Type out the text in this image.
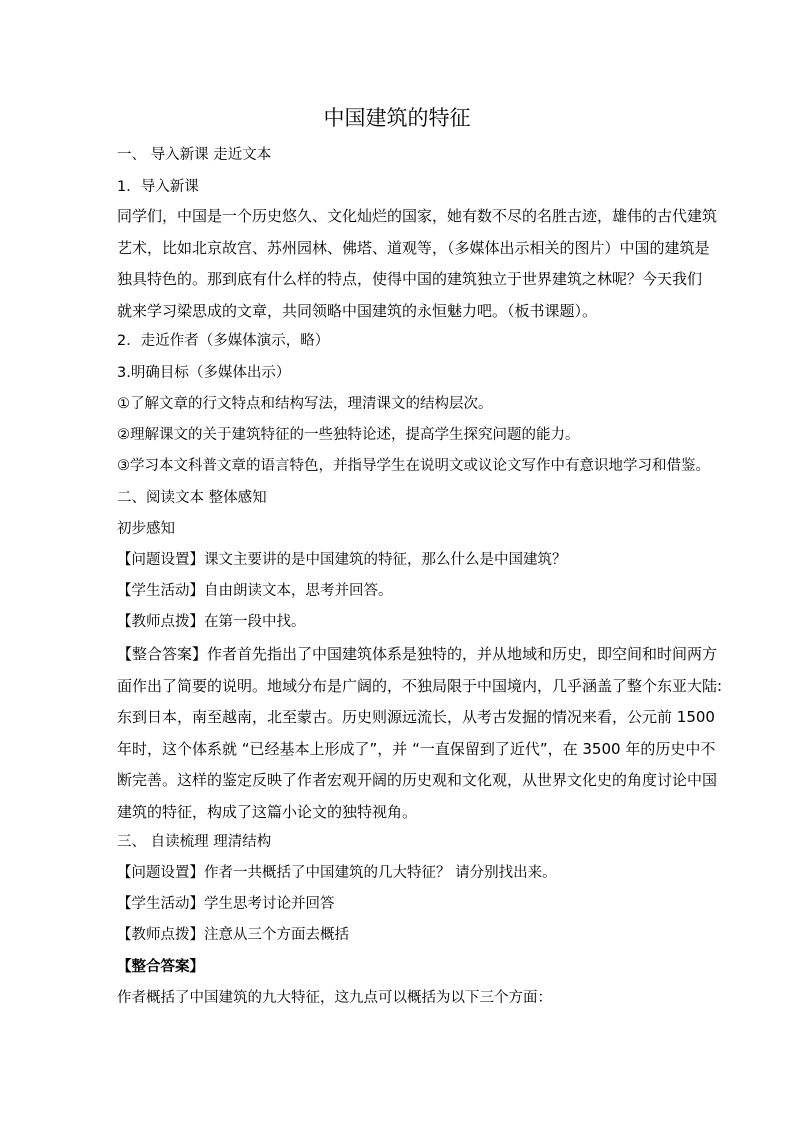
中国建筑的特征

一、 导入新课 走近文本

1．导入新课

同学们，中国是一个历史悠久、文化灿烂的国家，她有数不尽的名胜古迹，雄伟的古代建筑
艺术，比如北京故宫、苏州园林、佛塔、道观等，（多媒体出示相关的图片）中国的建筑是
独具特色的。那到底有什么样的特点，使得中国的建筑独立于世界建筑之林呢？今天我们
就来学习梁思成的文章，共同领略中国建筑的永恒魅力吧。（板书课题）。

2．走近作者（多媒体演示，略）

3.明确目标（多媒体出示）

①了解文章的行文特点和结构写法，理清课文的结构层次。

②理解课文的关于建筑特征的一些独特论述，提高学生探究问题的能力。

③学习本文科普文章的语言特色，并指导学生在说明文或议论文写作中有意识地学习和借鉴。

二、阅读文本 整体感知

初步感知

【问题设置】课文主要讲的是中国建筑的特征，那么什么是中国建筑？

【学生活动】自由朗读文本，思考并回答。

【教师点拨】在第一段中找。

【整合答案】作者首先指出了中国建筑体系是独特的，并从地域和历史，即空间和时间两方
面作出了简要的说明。地域分布是广阔的，不独局限于中国境内，几乎涵盖了整个东亚大陆:
东到日本，南至越南，北至蒙古。历史则源远流长，从考古发掘的情况来看，公元前 1500
年时，这个体系就 “已经基本上形成了”，并 “一直保留到了近代”，在 3500 年的历史中不
断完善。这样的鉴定反映了作者宏观开阔的历史观和文化观，从世界文化史的角度讨论中国
建筑的特征，构成了这篇小论文的独特视角。

三、 自读梳理 理清结构

【问题设置】作者一共概括了中国建筑的几大特征？ 请分别找出来。

【学生活动】学生思考讨论并回答

【教师点拨】注意从三个方面去概括

【整合答案】

作者概括了中国建筑的九大特征，这九点可以概括为以下三个方面：
